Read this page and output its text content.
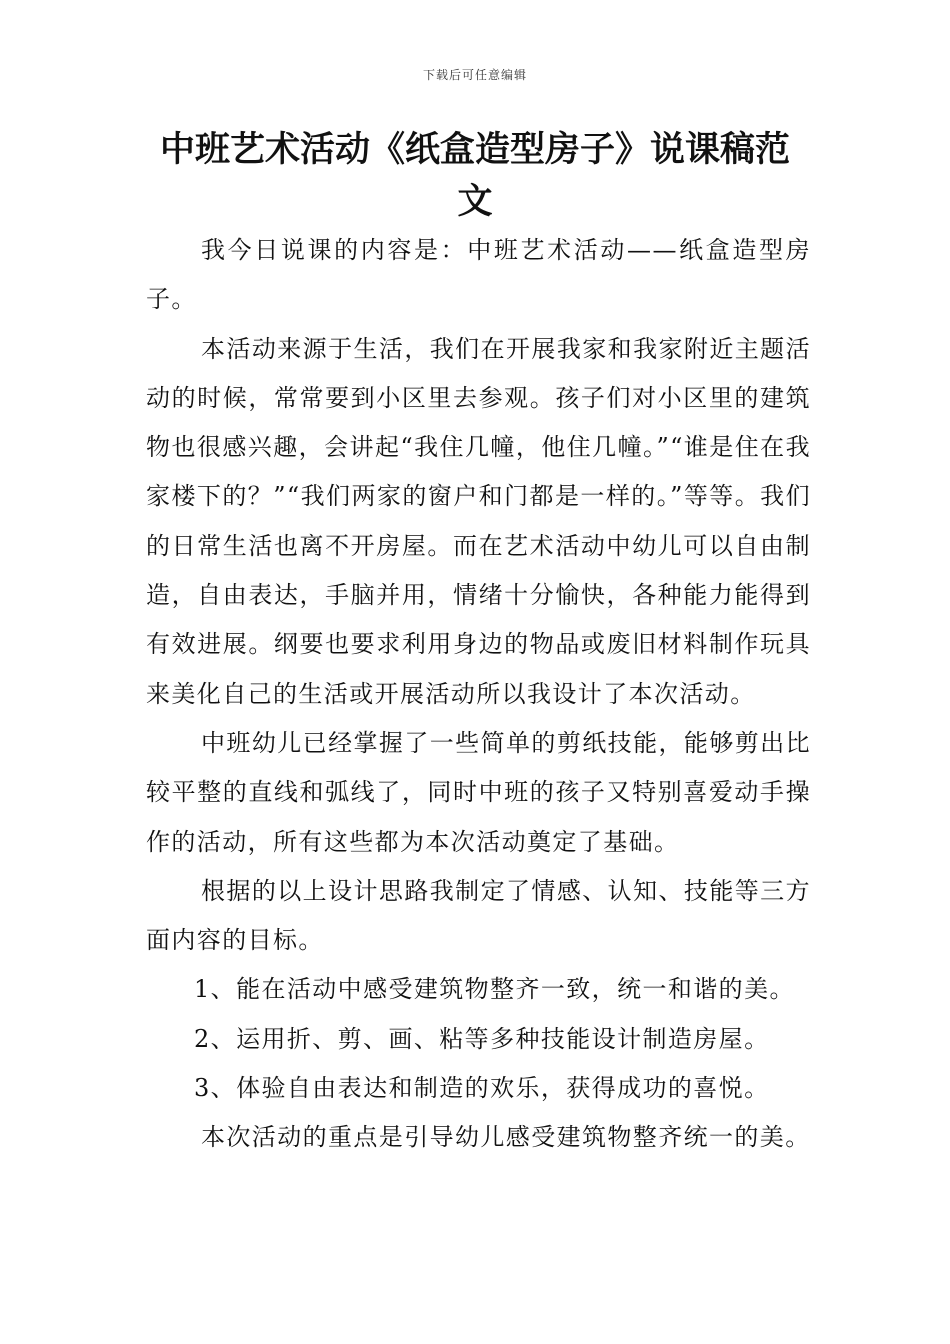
下载后可任意编辑
中班艺术活动《纸盒造型房子》说课稿范文

我今日说课的内容是：中班艺术活动——纸盒造型房子。

本活动来源于生活，我们在开展我家和我家附近主题活动的时候，常常要到小区里去参观。孩子们对小区里的建筑物也很感兴趣，会讲起“我住几幢，他住几幢。”“谁是住在我家楼下的？”“我们两家的窗户和门都是一样的。”等等。我们的日常生活也离不开房屋。而在艺术活动中幼儿可以自由制造，自由表达，手脑并用，情绪十分愉快，各种能力能得到有效进展。纲要也要求利用身边的物品或废旧材料制作玩具来美化自己的生活或开展活动所以我设计了本次活动。

中班幼儿已经掌握了一些简单的剪纸技能，能够剪出比较平整的直线和弧线了，同时中班的孩子又特别喜爱动手操作的活动，所有这些都为本次活动奠定了基础。

根据的以上设计思路我制定了情感、认知、技能等三方面内容的目标。

1、能在活动中感受建筑物整齐一致，统一和谐的美。

2、运用折、剪、画、粘等多种技能设计制造房屋。

3、体验自由表达和制造的欢乐，获得成功的喜悦。

本次活动的重点是引导幼儿感受建筑物整齐统一的美。
